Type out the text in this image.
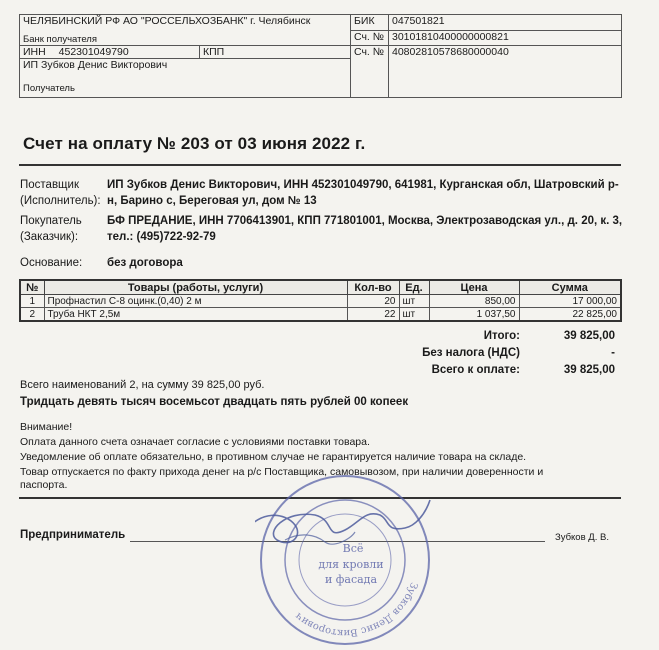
ЧЕЛЯБИНСКИЙ РФ АО "РОССЕЛЬХОЗБАНК" г. Челябинск
Банк получателя		БИК	047501821
		Сч. №	30101810400000000821
ИНН 452301049790	КПП	Сч. №	40802810578680000040

ИП Зубков Денис Викторович
Получатель			
Счет на оплату № 203 от 03 июня 2022 г.
Поставщик
(Исполнитель):
ИП Зубков Денис Викторович, ИНН 452301049790, 641981, Курганская обл, Шатровский р-н, Барино с, Береговая ул, дом № 13
Покупатель
(Заказчик):
БФ ПРЕДАНИЕ, ИНН 7706413901, КПП 771801001, Москва, Электрозаводская ул., д. 20, к. 3, тел.: (495)722-92-79
Основание:	без договора
№	Товары (работы, услуги)	Кол-во	Ед.	Цена	Сумма
1	Профнастил С-8 оцинк.(0,40) 2 м	20	шт	850,00	17 000,00
2	Труба НКТ 2,5м	22	шт	1 037,50	22 825,00
Итого:	39 825,00
Без налога (НДС)	-
Всего к оплате:	39 825,00
Всего наименований 2, на сумму 39 825,00 руб.
Тридцать девять тысяч восемьсот двадцать пять рублей 00 копеек
Внимание!
Оплата данного счета означает согласие с условиями поставки товара.
Уведомление об оплате обязательно, в противном случае не гарантируется наличие товара на складе.
Товар отпускается по факту прихода денег на р/с Поставщика, самовывозом, при наличии доверенности и
паспорта.
Предприниматель	Зубков Д. В.
Зубков Денис Викторович
Всё
для кровли
и фасада
